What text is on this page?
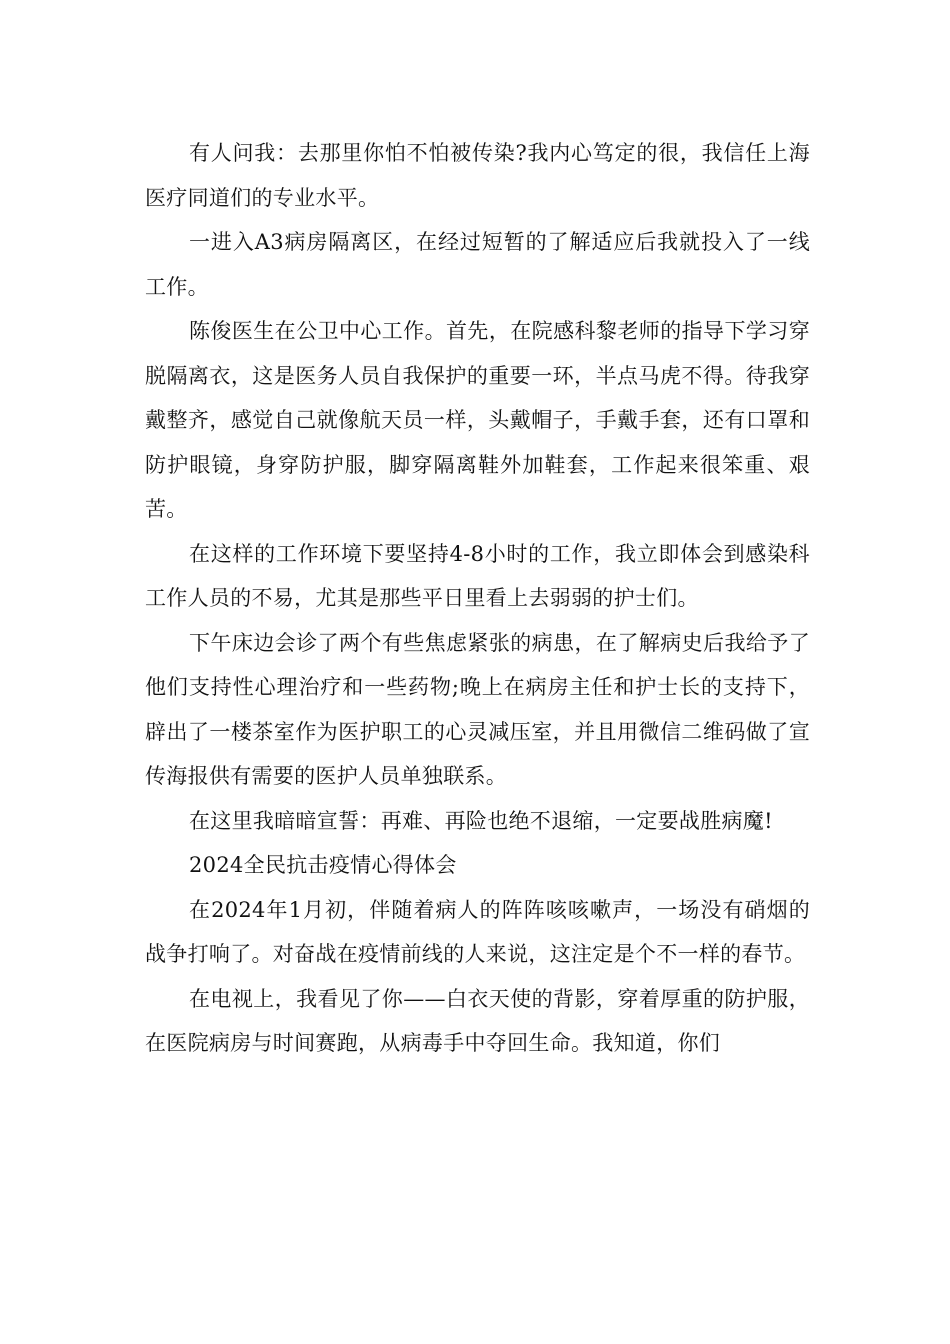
有人问我：去那里你怕不怕被传染?我内心笃定的很，我信任上海医疗同道们的专业水平。

一进入A3病房隔离区，在经过短暂的了解适应后我就投入了一线工作。

陈俊医生在公卫中心工作。首先，在院感科黎老师的指导下学习穿脱隔离衣，这是医务人员自我保护的重要一环，半点马虎不得。待我穿戴整齐，感觉自己就像航天员一样，头戴帽子，手戴手套，还有口罩和防护眼镜，身穿防护服，脚穿隔离鞋外加鞋套，工作起来很笨重、艰苦。

在这样的工作环境下要坚持4-8小时的工作，我立即体会到感染科工作人员的不易，尤其是那些平日里看上去弱弱的护士们。

下午床边会诊了两个有些焦虑紧张的病患，在了解病史后我给予了他们支持性心理治疗和一些药物;晚上在病房主任和护士长的支持下，辟出了一楼茶室作为医护职工的心灵减压室，并且用微信二维码做了宣传海报供有需要的医护人员单独联系。

在这里我暗暗宣誓：再难、再险也绝不退缩，一定要战胜病魔!

2024全民抗击疫情心得体会

在2024年1月初，伴随着病人的阵阵咳咳嗽声，一场没有硝烟的战争打响了。对奋战在疫情前线的人来说，这注定是个不一样的春节。

在电视上，我看见了你——白衣天使的背影，穿着厚重的防护服，在医院病房与时间赛跑，从病毒手中夺回生命。我知道，你们
